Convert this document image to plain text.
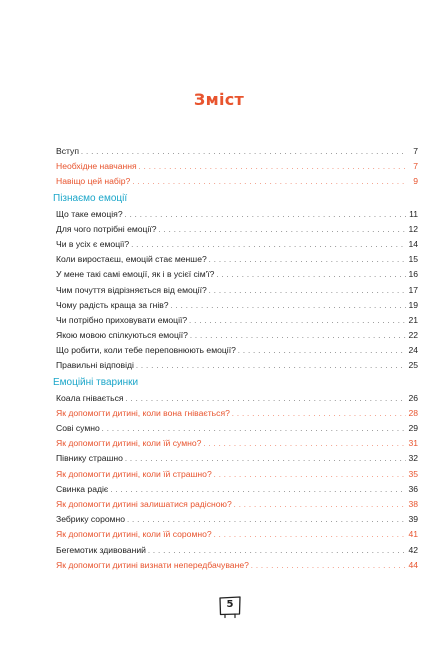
Зміст
Вступ . . .	7
Необхідне навчання . . .	7
Навіщо цей набір? . . .	9
Пізнаємо емоції
Що таке емоція? . . .	11
Для чого потрібні емоції? . . .	12
Чи в усіх є емоції? . . .	14
Коли виростаєш, емоцій стає менше? . . .	15
У мене такі самі емоції, як і в усієї сім'ї? . . .	16
Чим почуття відрізняється від емоції? . . .	17
Чому радість краща за гнів? . . .	19
Чи потрібно приховувати емоції? . . .	21
Якою мовою спілкуються емоції? . . .	22
Що робити, коли тебе переповнюють емоції? . . .	24
Правильні відповіді . . .	25
Емоційні тваринки
Коала гнівається . . .	26
Як допомогти дитині, коли вона гнівається? . . .	28
Сові сумно . . .	29
Як допомогти дитині, коли їй сумно? . . .	31
Півнику страшно . . .	32
Як допомогти дитині, коли їй страшно? . . .	35
Свинка радіє . . .	36
Як допомогти дитині залишатися радісною? . . .	38
Зебрику соромно . . .	39
Як допомогти дитині, коли їй соромно? . . .	41
Бегемотик здивований . . .	42
Як допомогти дитині визнати непередбачуване? . . .	44
5
